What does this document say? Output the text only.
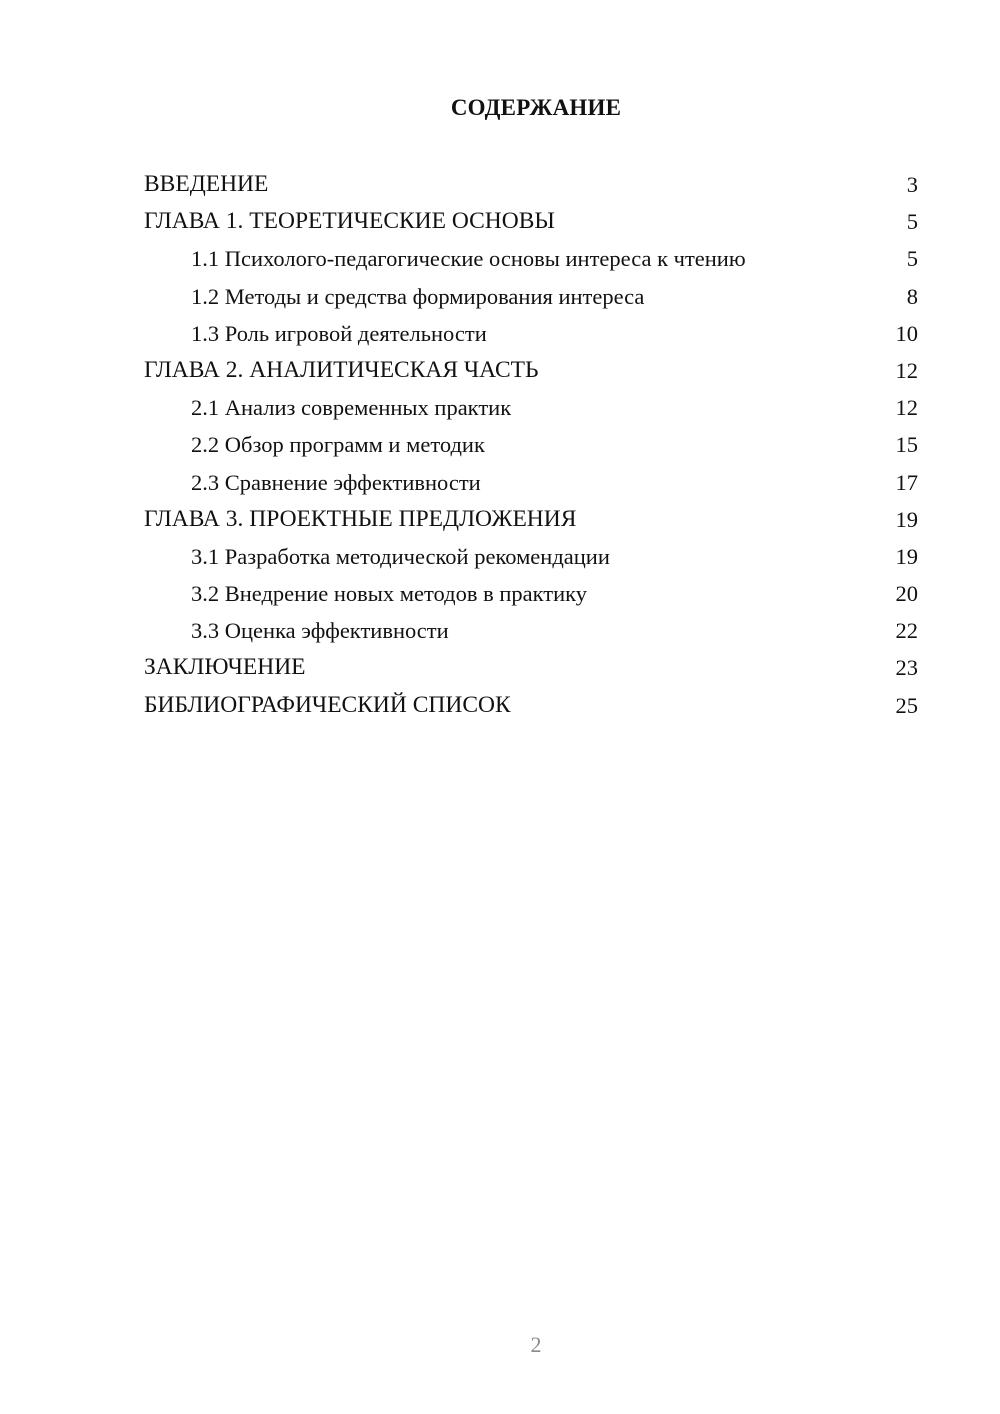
СОДЕРЖАНИЕ
ВВЕДЕНИЕ	3
ГЛАВА 1. ТЕОРЕТИЧЕСКИЕ ОСНОВЫ	5
1.1 Психолого-педагогические основы интереса к чтению	5
1.2 Методы и средства формирования интереса	8
1.3 Роль игровой деятельности	10
ГЛАВА 2. АНАЛИТИЧЕСКАЯ ЧАСТЬ	12
2.1 Анализ современных практик	12
2.2 Обзор программ и методик	15
2.3 Сравнение эффективности	17
ГЛАВА 3. ПРОЕКТНЫЕ ПРЕДЛОЖЕНИЯ	19
3.1 Разработка методической рекомендации	19
3.2 Внедрение новых методов в практику	20
3.3 Оценка эффективности	22
ЗАКЛЮЧЕНИЕ	23
БИБЛИОГРАФИЧЕСКИЙ СПИСОК	25
2
